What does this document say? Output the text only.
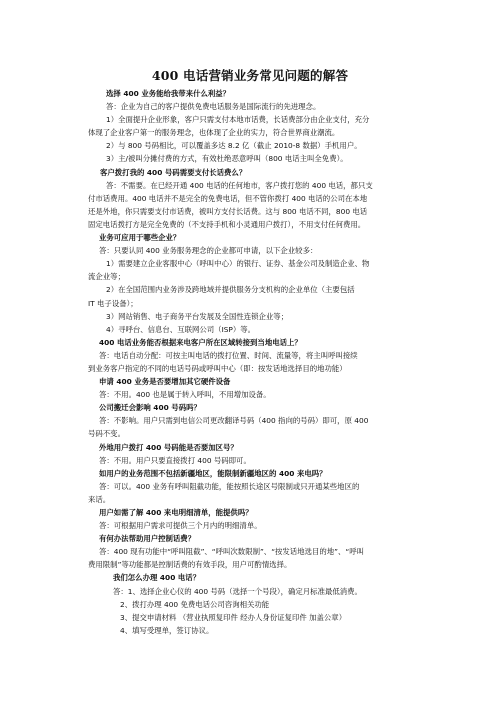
400 电话营销业务常见问题的解答
选择 400 业务能给我带来什么利益？
答：企业为自己的客户提供免费电话服务是国际流行的先进理念。
1）全面提升企业形象，客户只需支付本地市话费，长话费部分由企业支付，充分
体现了企业客户第一的服务理念，也体现了企业的实力，符合世界商业潮流。
2）与 800 号码相比，可以覆盖多达 8.2 亿（截止 2010-8 数据）手机用户。
3）主/被叫分摊付费的方式，有效杜绝恶意呼叫（800 电话主叫全免费）。
客户拨打我的 400 号码需要支付长话费么？
答：不需要。在已经开通 400 电话的任何地市，客户拨打您的 400 电话，都只支
付市话费用。400 电话并不是完全的免费电话，但不管你拨打 400 电话的公司在本地
还是外地，你只需要支付市话费，被叫方支付长话费。这与 800 电话不同，800 电话
固定电话拨打方是完全免费的（不支持手机和小灵通用户拨打），不用支付任何费用。
业务可应用于哪些企业？
答：只要认同 400 业务服务理念的企业都可申请，以下企业较多：
1）需要建立企业客服中心（呼叫中心）的银行、证券、基金公司及制造企业、物
流企业等；
2）在全国范围内业务涉及跨地域并提供服务分支机构的企业单位（主要包括
IT 电子设备）；
3）网站销售、电子商务平台发展及全国性连锁企业等；
4）寻呼台、信息台、互联网公司（ISP）等。
400 电话业务能否根据来电客户所在区域转接到当地电话上？
答：电话自动分配：可按主叫电话的拨打位置、时间、流量等，将主叫呼叫接续
到业务客户指定的不同的电话号码或呼叫中心（即：按发话地选择目的地功能）
申请 400 业务是否要增加其它硬件设备
答：不用。400 也是属于转入呼叫，不用增加设备。
公司搬迁会影响 400 号码吗？
答：不影响。用户只需到电信公司更改翻译号码（400 指向的号码）即可，原 400
号码不变。
外地用户拨打 400 号码能是否要加区号？
答：不用。用户只要直接拨打 400 号码即可。
如用户的业务范围不包括新疆地区，能限制新疆地区的 400 来电吗？
答：可以。400 业务有呼叫阻截功能，能按照长途区号限制或只开通某些地区的
来话。
用户如需了解 400 来电明细清单，能提供吗？
答：可根据用户需求可提供三个月内的明细清单。
有何办法帮助用户控制话费？
答：400 现有功能中“呼叫阻截”、“呼叫次数限制”、“按发话地选目的地”、“呼叫
费用限制”等功能都是控制话费的有效手段，用户可酌情选择。
我们怎么办理 400 电话？
答：1、选择企业心仪的 400 号码（选择一个号段），确定月标准最低消费。
2、拨打办理 400 免费电话公司咨询相关功能
3、提交申请材料 （营业执照复印件 经办人身份证复印件 加盖公章）
4、填写受理单，签订协议。
